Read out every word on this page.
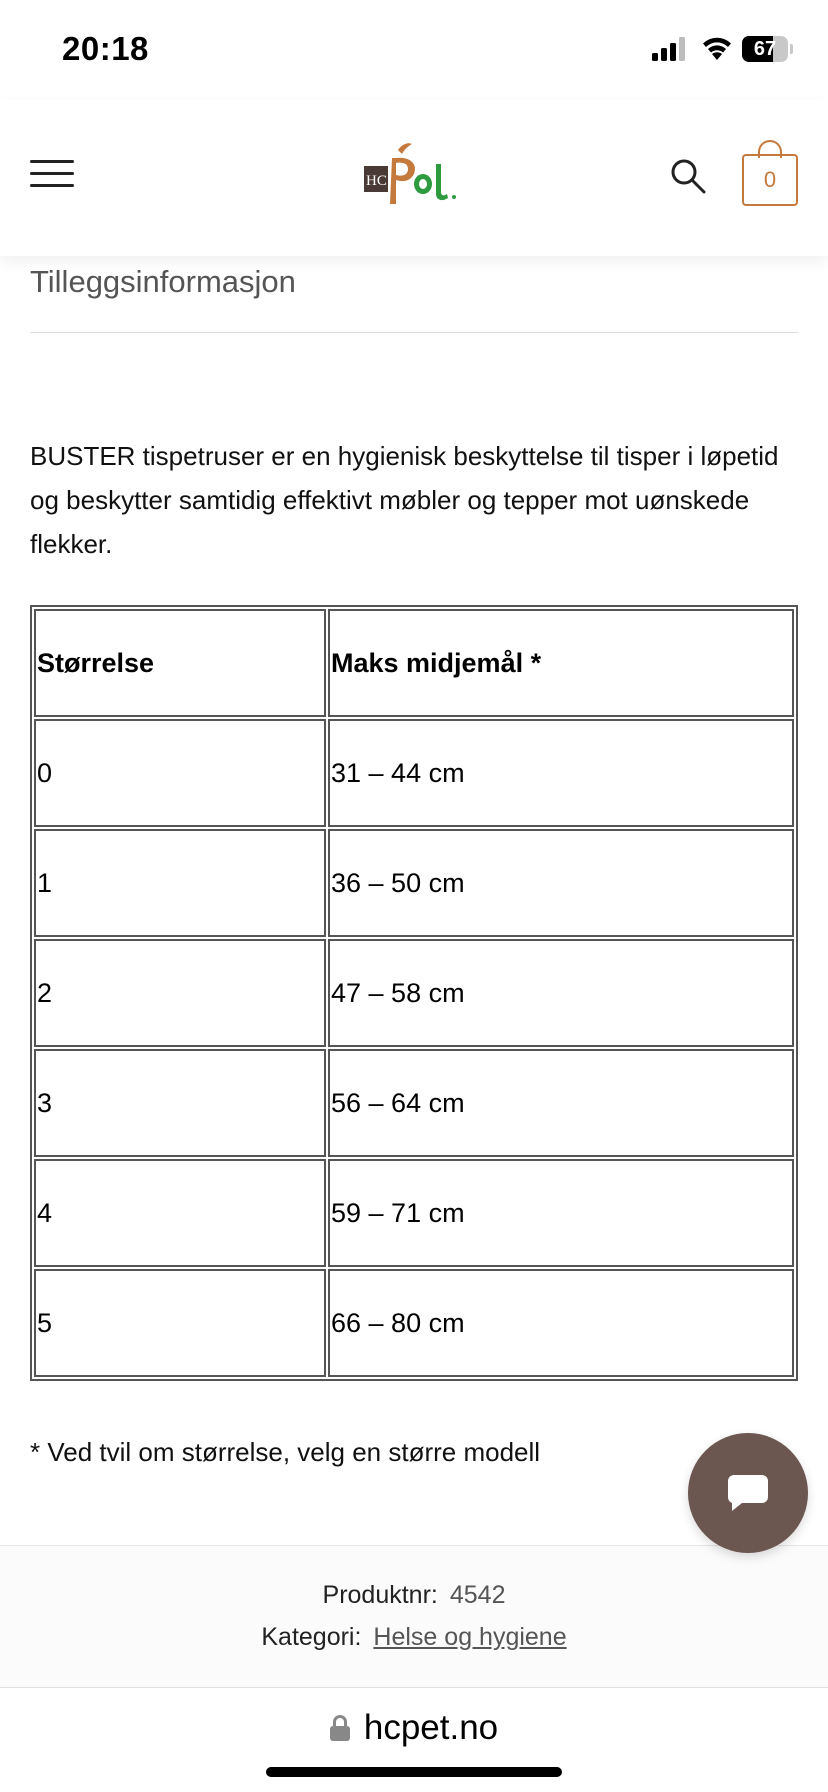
20:18	67
HC	0
Tilleggsinformasjon

BUSTER tispetruser er en hygienisk beskyttelse til tisper i løpetid og beskytter samtidig effektivt møbler og tepper mot uønskede flekker.

Størrelse	Maks midjemål *
0	31 – 44 cm
1	36 – 50 cm
2	47 – 58 cm
3	56 – 64 cm
4	59 – 71 cm
5	66 – 80 cm

* Ved tvil om størrelse, velg en større modell

Produktnr: 4542
Kategori: Helse og hygiene
hcpet.no
